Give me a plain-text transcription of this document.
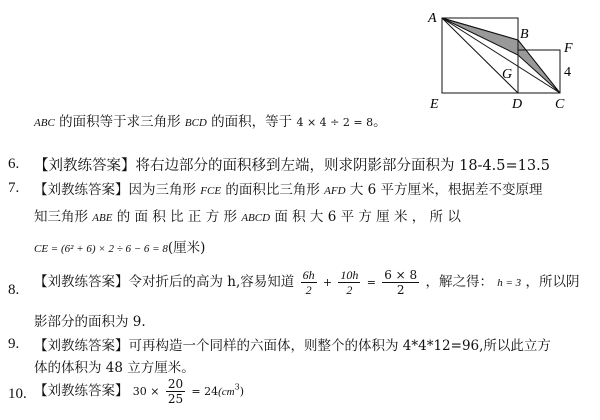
A
B
F
G	4
E	D C
ABC 的面积等于求三角形 BCD 的面积，等于 4 × 4 ÷ 2 = 8。
6. 【刘教练答案】将右边部分的面积移到左端，则求阴影部分面积为 18-4.5=13.5
7. 【刘教练答案】因为三角形 FCE 的面积比三角形 AFD 大 6 平方厘米，根据差不变原理
知三角形 ABE 的 面 积 比 正 方 形 ABCD 面 积 大 6 平 方 厘 米 ， 所 以
CE = (6² + 6) × 2 ÷ 6 − 6 = 8(厘米)
8. 【刘教练答案】令对折后的高为 h,容易知道 $\frac{6h}{2} + \frac{10h}{2} = \frac{6 \times 8}{2}$ ，解之得： h = 3 ，所以阴
影部分的面积为 9.
9. 【刘教练答案】可再构造一个同样的六面体，则整个的体积为 4*4*12=96,所以此立方
体的体积为 48 立方厘米。
10. 【刘教练答案】 $30 \times \frac{20}{25} = 24(cm^3)$
